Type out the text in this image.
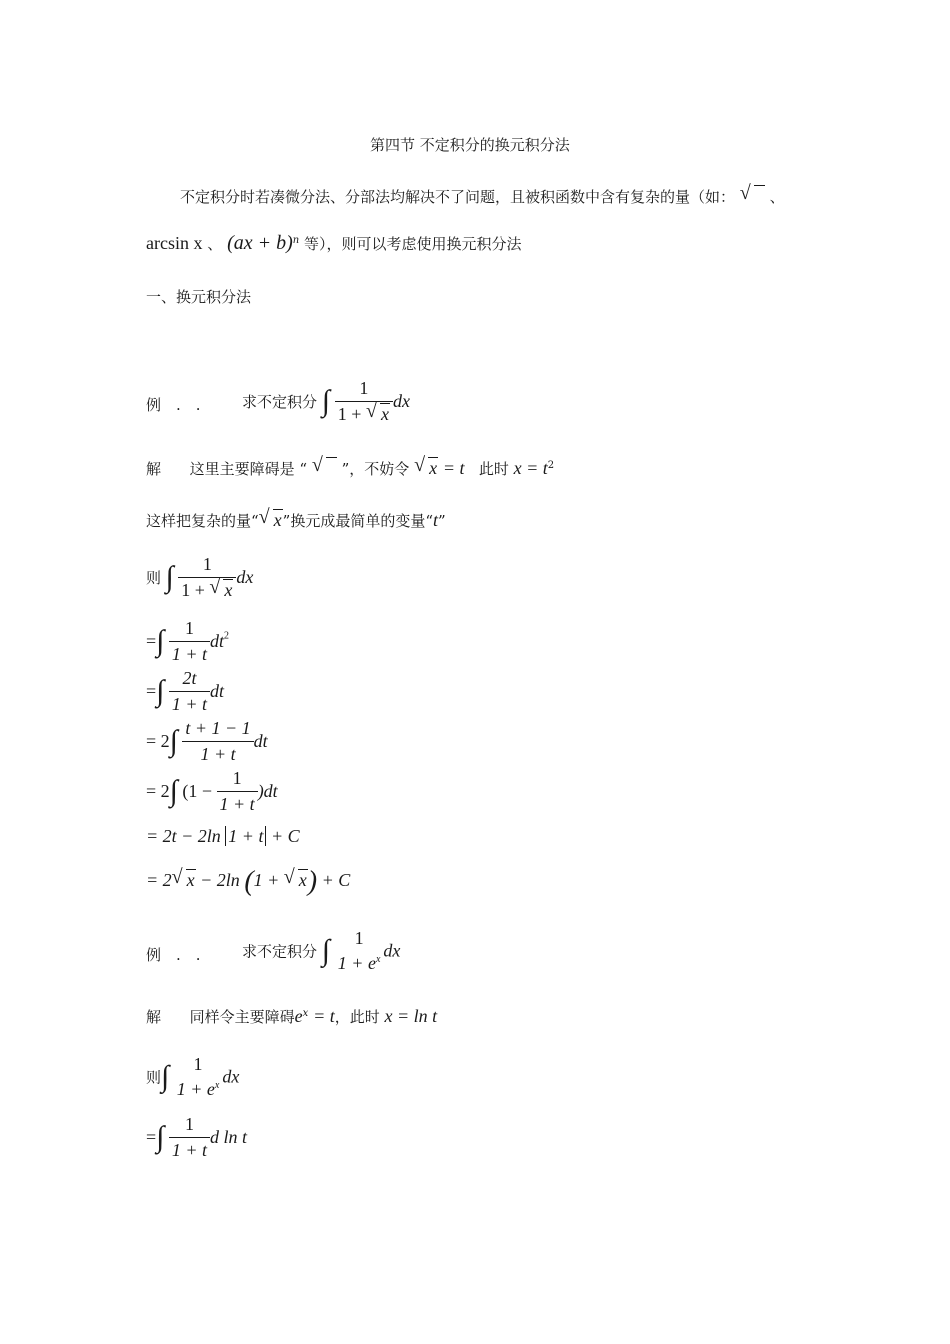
第四节 不定积分的换元积分法
不定积分时若凑微分法、分部法均解决不了问题，且被积函数中含有复杂的量（如： √ 、
arcsin x 、 (ax + b)$^n$ 等），则可以考虑使用换元积分法
一、换元积分法
例　.　.	求不定积分 ∫ $\frac{1}{1 + √ x}$ dx
解 这里主要障碍是 “ √ ”，不妨令 √ x = t 此时 $x = t^2$
这样把复杂的量“ √ x”换元成最简单的变量“t”
则 ∫ $\frac{1}{1 + √ x}$ dx
=∫ $\frac{1}{1 + t} dt^2$
=∫ $\frac{2t}{1 + t}$ dt
= $2\int \frac{t + 1 - 1}{1 + t}$ dt
= 2∫ $(1 - \frac{1}{1 + t} )dt$
= 2t − 2ln 1 + t + C
= 2 √ x − 2ln (1 + √ x) + C
例　.　.	求不定积分 ∫	1
$1 + e^x$ dx
解 同样令主要障碍$e^x = t$，此时 x = ln t
则∫	1
$1 + e^x$ dx
=∫ $\frac{1}{1 + t}$ d ln t
